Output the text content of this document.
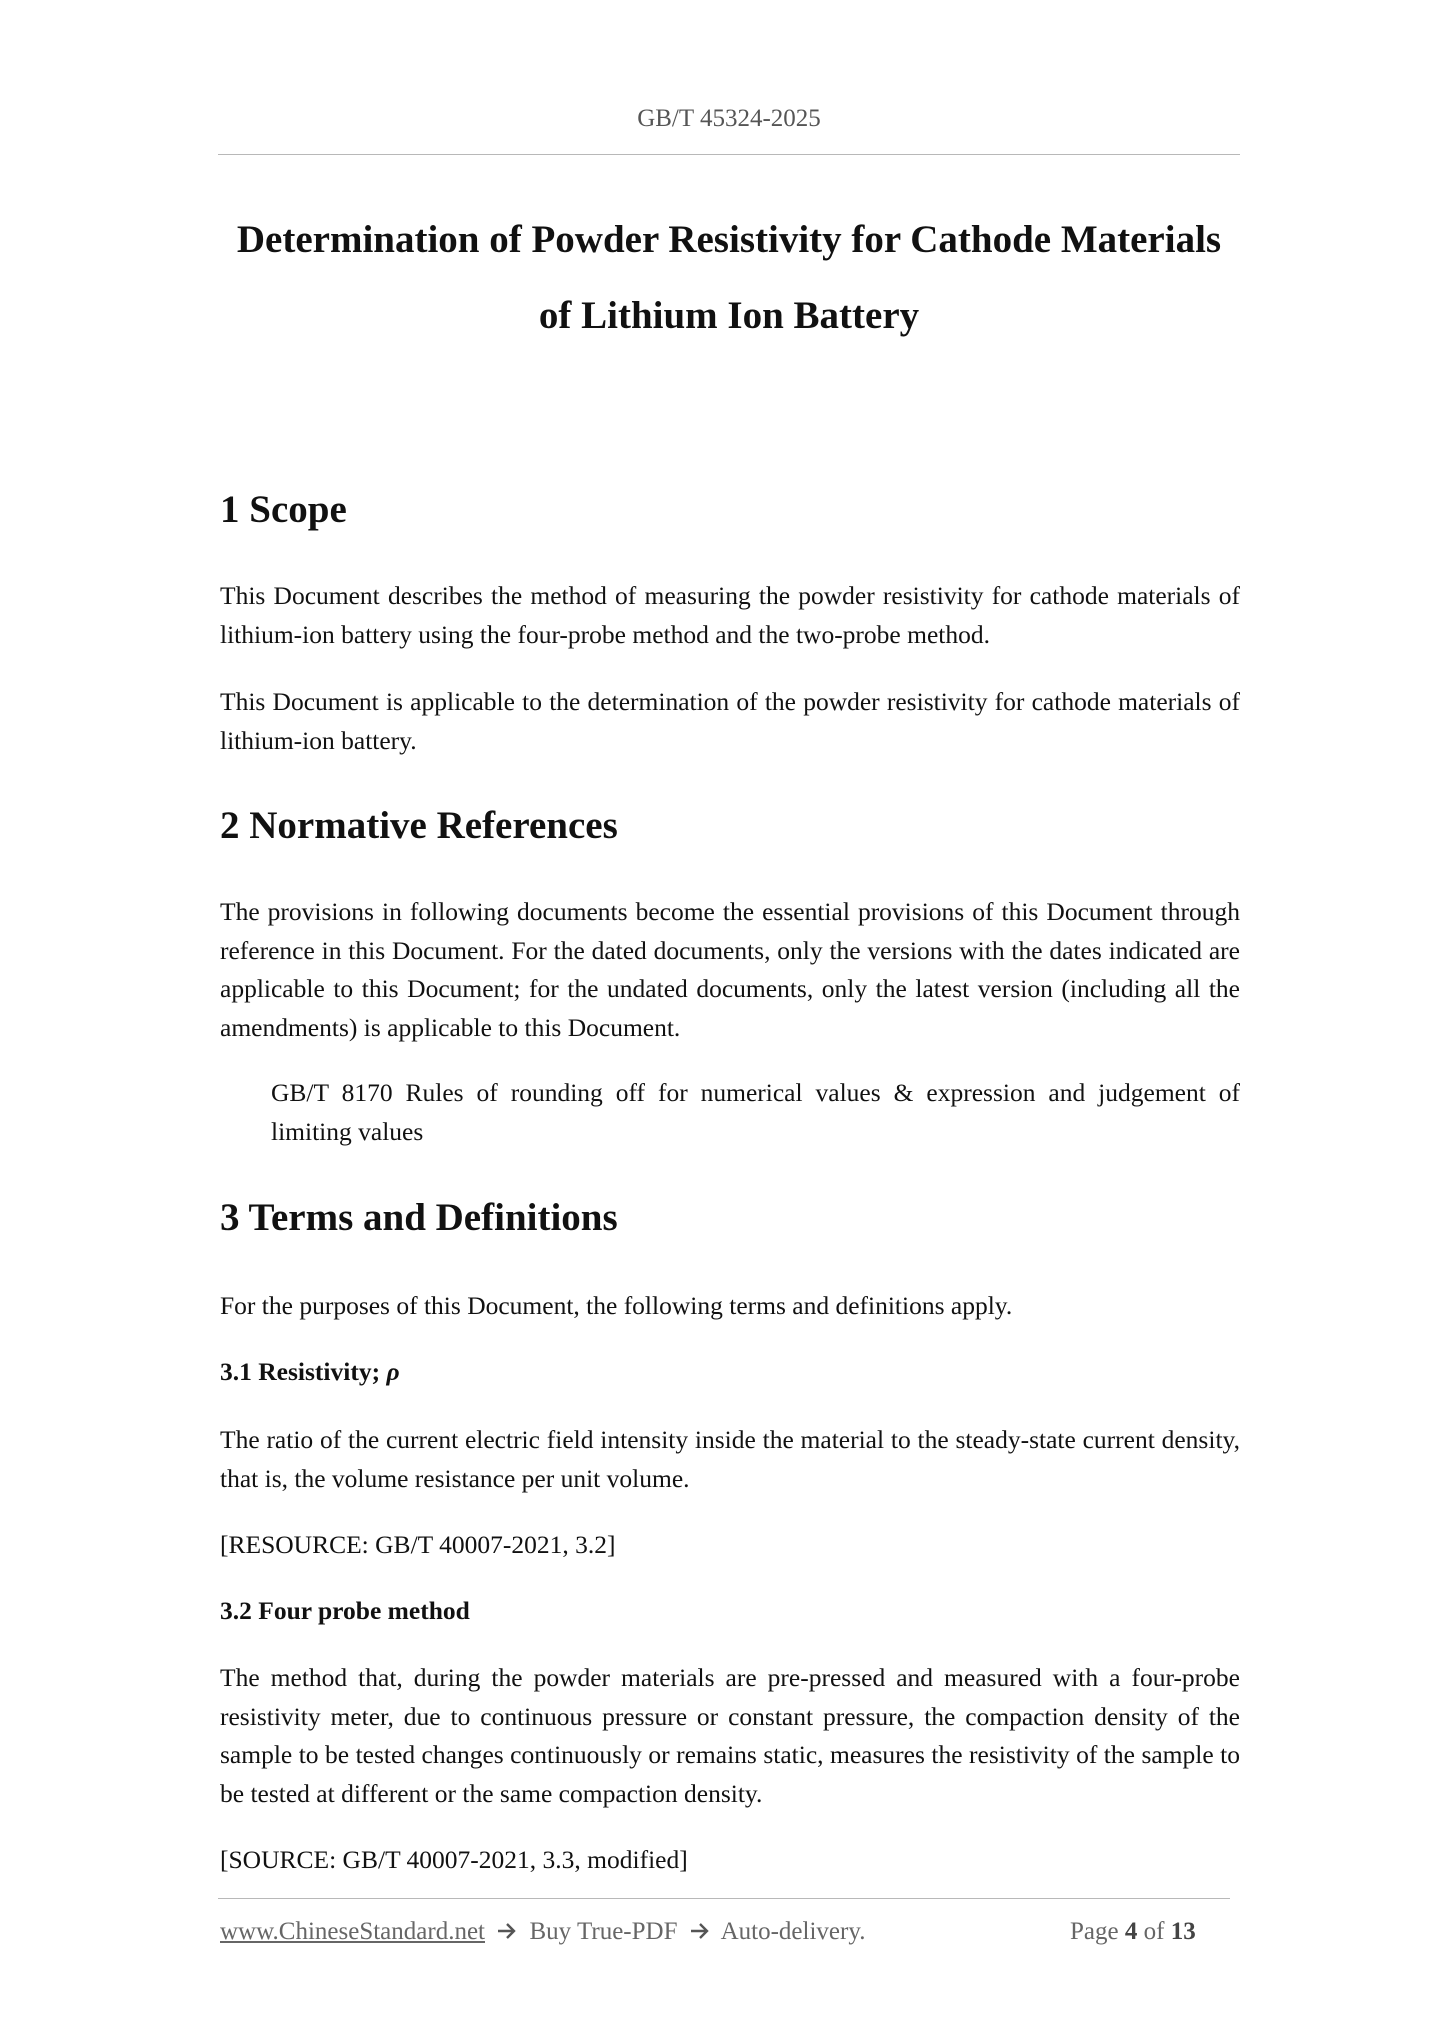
GB/T 45324-2025
Determination of Powder Resistivity for Cathode Materials
of Lithium Ion Battery
1 Scope

This Document describes the method of measuring the powder resistivity for cathode materials of lithium-ion battery using the four-probe method and the two-probe method.

This Document is applicable to the determination of the powder resistivity for cathode materials of lithium-ion battery.

2 Normative References

The provisions in following documents become the essential provisions of this Document through reference in this Document. For the dated documents, only the versions with the dates indicated are applicable to this Document; for the undated documents, only the latest version (including all the amendments) is applicable to this Document.

GB/T 8170 Rules of rounding off for numerical values & expression and judgement of limiting values

3 Terms and Definitions

For the purposes of this Document, the following terms and definitions apply.

3.1 Resistivity; ρ

The ratio of the current electric field intensity inside the material to the steady-state current density, that is, the volume resistance per unit volume.

[RESOURCE: GB/T 40007-2021, 3.2]

3.2 Four probe method

The method that, during the powder materials are pre-pressed and measured with a four-probe resistivity meter, due to continuous pressure or constant pressure, the compaction density of the sample to be tested changes continuously or remains static, measures the resistivity of the sample to be tested at different or the same compaction density.

[SOURCE: GB/T 40007-2021, 3.3, modified]

www.ChineseStandard.net Buy True-PDF Auto-delivery.	Page 4 of 13
